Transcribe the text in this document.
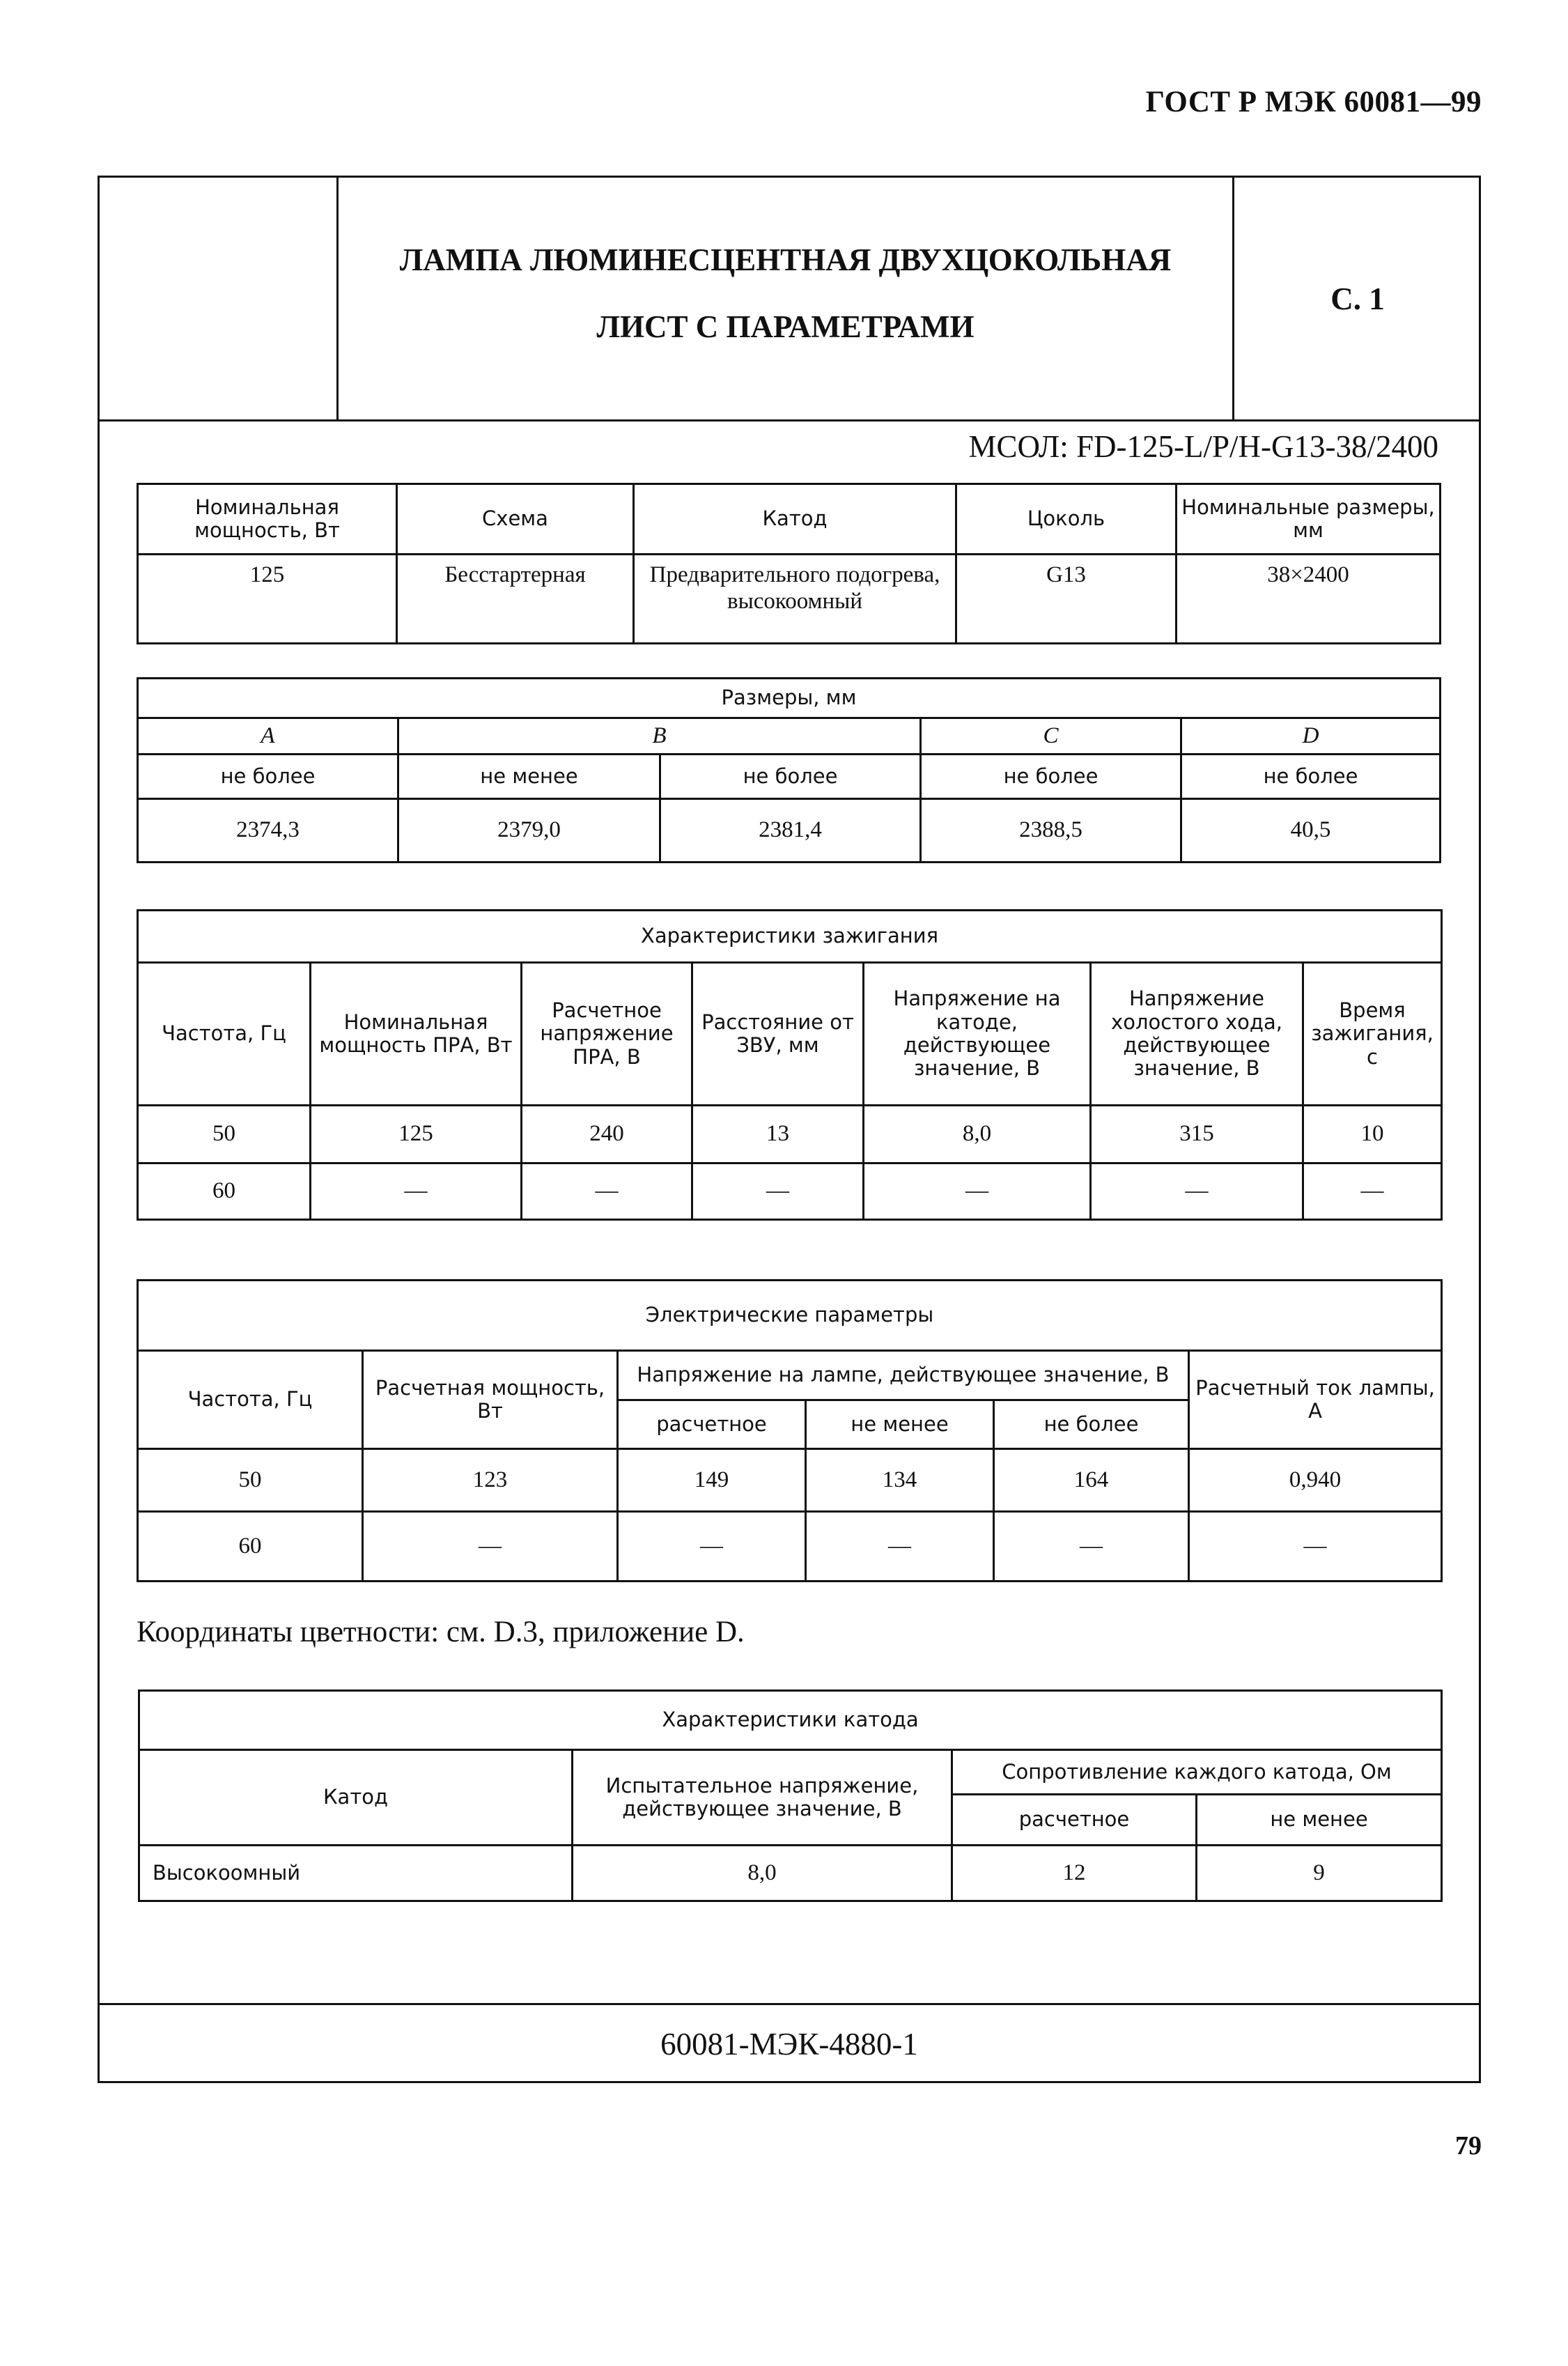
ГОСТ Р МЭК 60081—99
ЛАМПА ЛЮМИНЕСЦЕНТНАЯ ДВУХЦОКОЛЬНАЯ
ЛИСТ С ПАРАМЕТРАМИ
С. 1
МСОЛ: FD-125-L/P/H-G13-38/2400
Номинальная мощность, Вт	Схема	Катод	Цоколь	Номинальные размеры, мм
125	Бесстартерная	Предварительного подогрева, высокоомный	G13	38×2400
Размеры, мм				
A	B		C	D
не более	не менее	не более	не более	не более
2374,3	2379,0	2381,4	2388,5	40,5
Характеристики зажигания						
Частота, Гц	Номинальная мощность ПРА, Вт	Расчетное напряжение ПРА, В	Расстояние от ЗВУ, мм	Напряжение на катоде, действующее значение, В	Напряжение холостого хода, действующее значение, В	Время зажигания, с
50	125	240	13	8,0	315	10
60	—	—	—	—	—	—
Электрические параметры					
Частота, Гц	Расчетная мощность, Вт	Напряжение на лампе, действующее значение, В			Расчетный ток лампы, А
		расчетное	не менее	не более	
50	123	149	134	164	0,940
60	—	—	—	—	—
Характеристики катода			
Катод	Испытательное напряжение, действующее значение, В	Сопротивление каждого катода, Ом	
		расчетное	не менее
Высокоомный	8,0	12	9
60081-МЭК-4880-1
Координаты цветности: см. D.3, приложение D.
79
